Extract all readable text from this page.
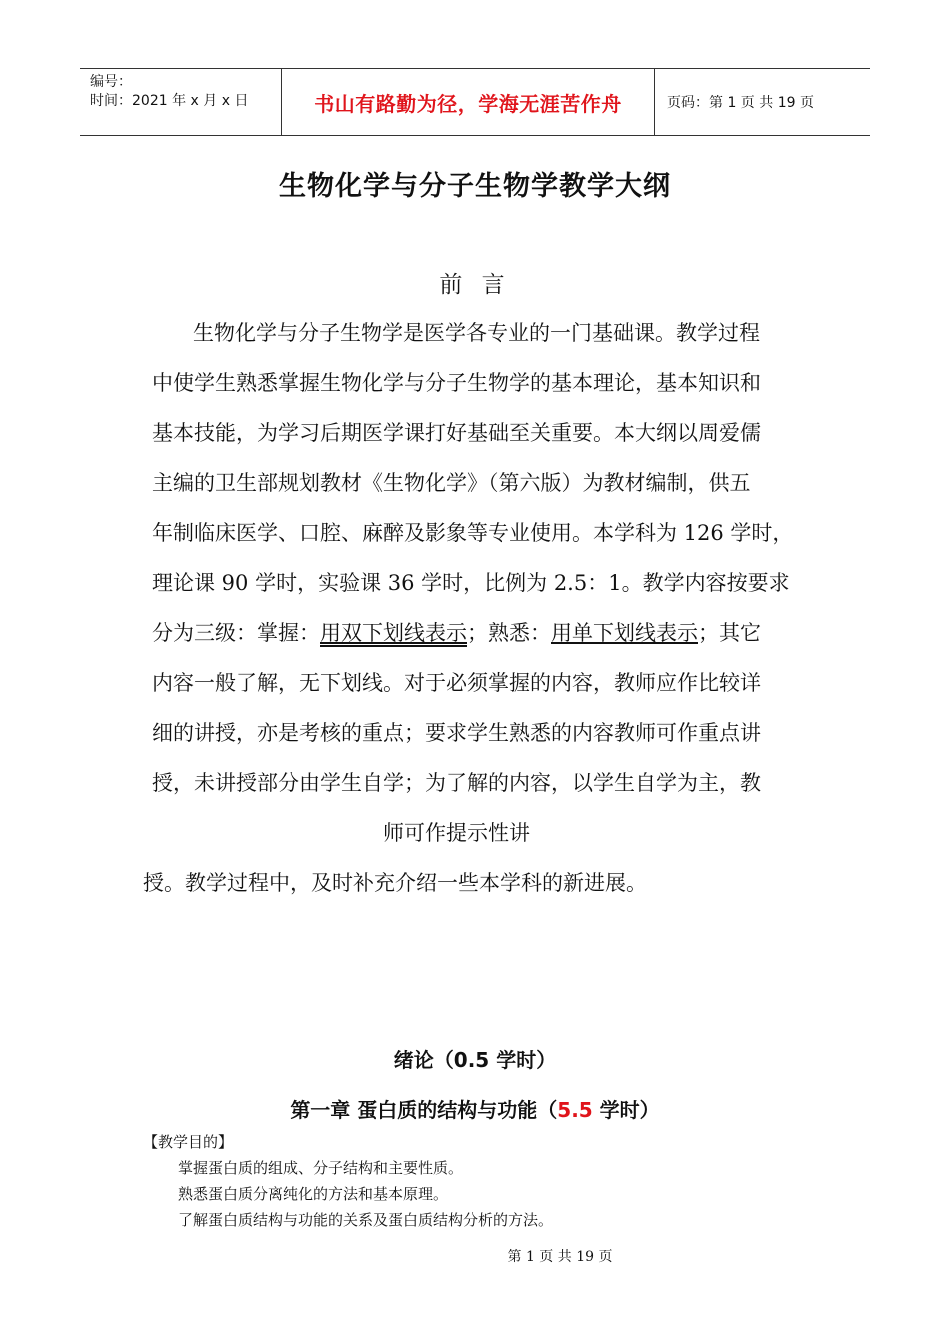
编号：
时间：2021 年 x 月 x 日	书山有路勤为径，学海无涯苦作舟	页码：第 1 页 共 19 页
生物化学与分子生物学教学大纲
前 言
生物化学与分子生物学是医学各专业的一门基础课。教学过程
中使学生熟悉掌握生物化学与分子生物学的基本理论，基本知识和
基本技能，为学习后期医学课打好基础至关重要。本大纲以周爱儒
主编的卫生部规划教材《生物化学》（第六版）为教材编制，供五
年制临床医学、口腔、麻醉及影象等专业使用。本学科为 126 学时，
理论课 90 学时，实验课 36 学时，比例为 2.5：1。教学内容按要求
分为三级：掌握：用双下划线表示；熟悉：用单下划线表示；其它
内容一般了解，无下划线。对于必须掌握的内容，教师应作比较详
细的讲授，亦是考核的重点；要求学生熟悉的内容教师可作重点讲
授，未讲授部分由学生自学；为了解的内容，以学生自学为主，教
师可作提示性讲
授。教学过程中，及时补充介绍一些本学科的新进展。
绪论（0.5 学时）
第一章 蛋白质的结构与功能（5.5 学时）
【教学目的】
掌握蛋白质的组成、分子结构和主要性质。
熟悉蛋白质分离纯化的方法和基本原理。
了解蛋白质结构与功能的关系及蛋白质结构分析的方法。
第 1 页 共 19 页
